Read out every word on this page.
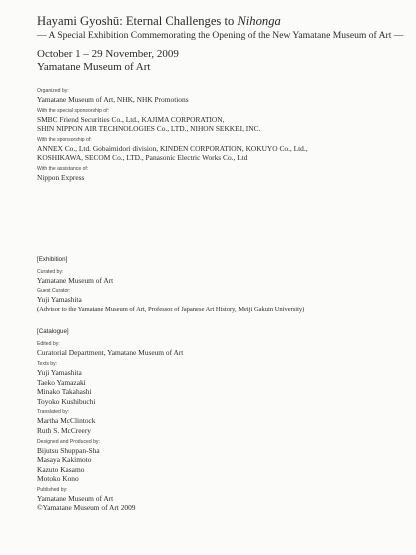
Hayami Gyoshū: Eternal Challenges to Nihonga
— A Special Exhibition Commemorating the Opening of the New Yamatane Museum of Art —
October 1 – 29 November, 2009
Yamatane Museum of Art
Organized by:
Yamatane Museum of Art, NHK, NHK Promotions
With the special sponsorship of:
SMBC Friend Securities Co., Ltd., KAJIMA CORPORATION,
SHIN NIPPON AIR TECHNOLOGIES Co., LTD., NIHON SEKKEI, INC.
With the sponsorship of:
ANNEX Co., Ltd. Gobaimidori division, KINDEN CORPORATION, KOKUYO Co., Ltd.,
KOSHIKAWA, SECOM Co., LTD., Panasonic Electric Works Co., Ltd
With the assistance of:
Nippon Express
[Exhibition]
Curated by:
Yamatane Museum of Art
Guest Curator:
Yuji Yamashita
(Advisor to the Yamatane Museum of Art, Professor of Japanese Art History, Meiji Gakuin University)
[Catalogue]
Edited by:
Curatorial Department, Yamatane Museum of Art
Texts by:
Yuji Yamashita
Taeko Yamazaki
Minako Takahashi
Toyoko Kushibuchi
Translated by:
Martha McClintock
Ruth S. McCreery
Designed and Produced by:
Bijutsu Shuppan-Sha
Masaya Kakimoto
Kazuto Kasamo
Motoko Kono
Published by:
Yamatane Museum of Art
©Yamatane Museum of Art 2009
